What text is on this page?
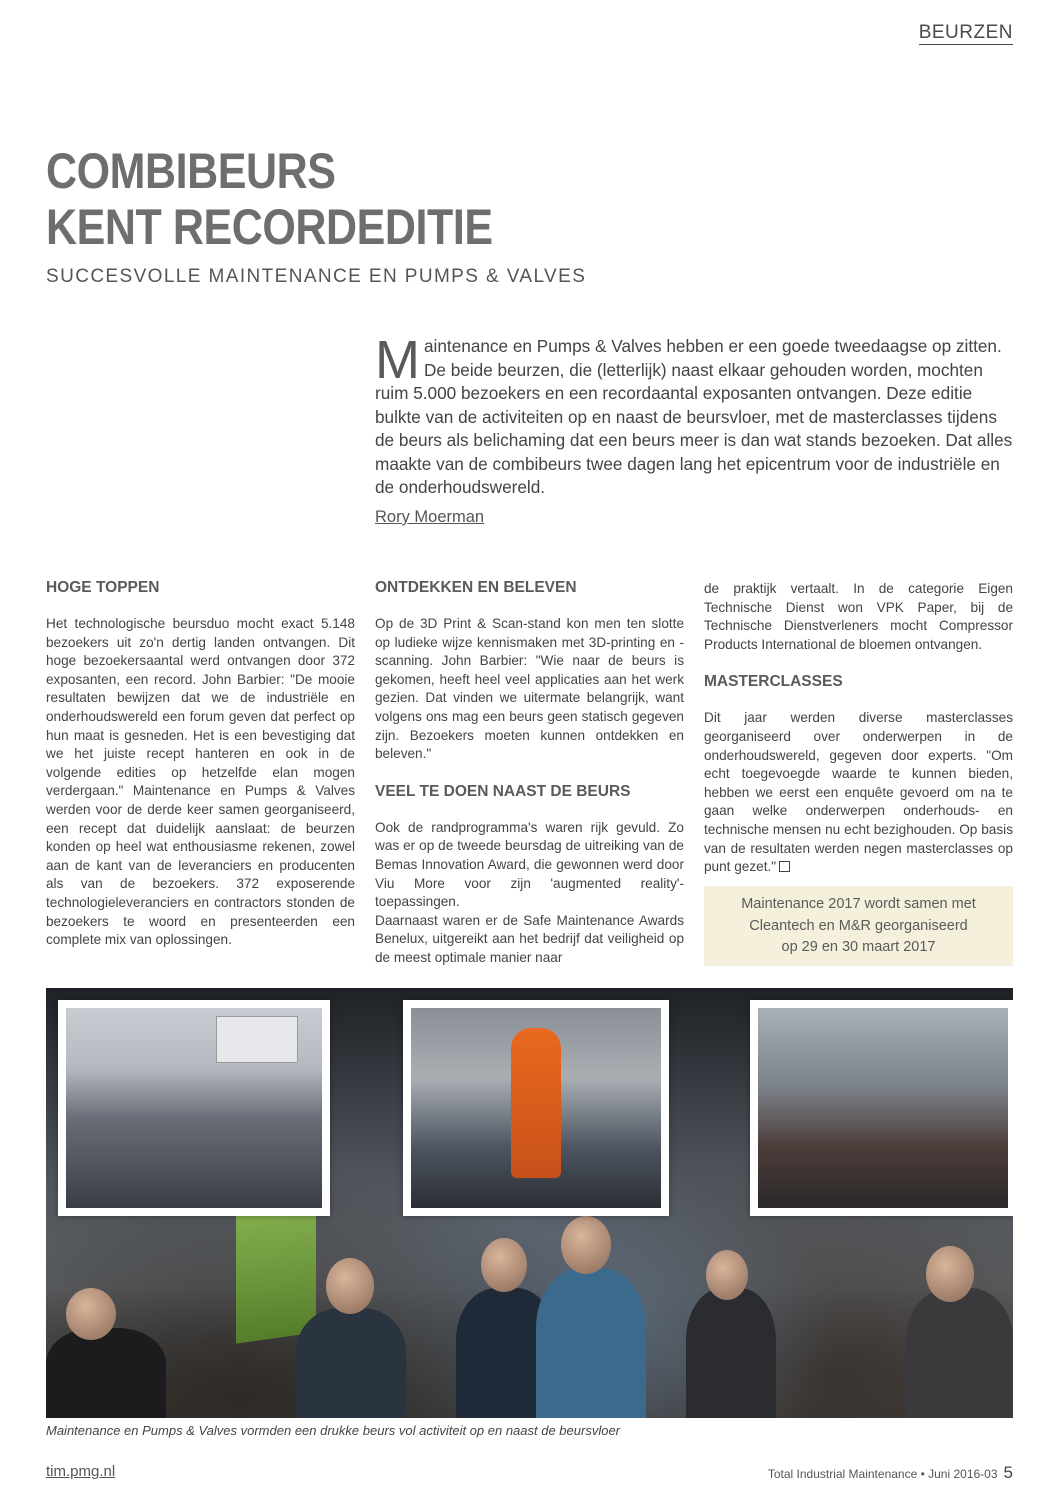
BEURZEN
COMBIBEURS
KENT RECORDEDITIE
SUCCESVOLLE MAINTENANCE EN PUMPS & VALVES
M aintenance en Pumps & Valves hebben er een goede tweedaagse op zitten. De beide beurzen, die (letterlijk) naast elkaar gehouden worden, mochten ruim 5.000 bezoekers en een recordaantal exposanten ontvangen. Deze editie bulkte van de activiteiten op en naast de beursvloer, met de masterclasses tijdens de beurs als belichaming dat een beurs meer is dan wat stands bezoeken. Dat alles maakte van de combibeurs twee dagen lang het epicentrum voor de industriële en de onderhoudswereld.
Rory Moerman
HOGE TOPPEN

Het technologische beursduo mocht exact 5.148 bezoekers uit zo'n dertig landen ontvangen. Dit hoge bezoekersaantal werd ontvangen door 372 exposanten, een record. John Barbier: "De mooie resultaten bewijzen dat we de industriële en onderhoudswereld een forum geven dat perfect op hun maat is gesneden. Het is een bevestiging dat we het juiste recept hanteren en ook in de volgende edities op hetzelfde elan mogen verdergaan." Maintenance en Pumps & Valves werden voor de derde keer samen georganiseerd, een recept dat duidelijk aanslaat: de beurzen konden op heel wat enthousiasme rekenen, zowel aan de kant van de leveranciers en producenten als van de bezoekers. 372 exposerende technologieleveranciers en contractors stonden de bezoekers te woord en presenteerden een complete mix van oplossingen.

ONTDEKKEN EN BELEVEN

Op de 3D Print & Scan-stand kon men ten slotte op ludieke wijze kennismaken met 3D-printing en -scanning. John Barbier: "Wie naar de beurs is gekomen, heeft heel veel applicaties aan het werk gezien. Dat vinden we uitermate belangrijk, want volgens ons mag een beurs geen statisch gegeven zijn. Bezoekers moeten kunnen ontdekken en beleven."

VEEL TE DOEN NAAST DE BEURS

Ook de randprogramma's waren rijk gevuld. Zo was er op de tweede beursdag de uitreiking van de Bemas Innovation Award, die gewonnen werd door Viu More voor zijn 'augmented reality'-toepassingen.

Daarnaast waren er de Safe Maintenance Awards Benelux, uitgereikt aan het bedrijf dat veiligheid op de meest optimale manier naar

de praktijk vertaalt. In de categorie Eigen Technische Dienst won VPK Paper, bij de Technische Dienstverleners mocht Compressor Products International de bloemen ontvangen.

MASTERCLASSES

Dit jaar werden diverse masterclasses georganiseerd over onderwerpen in de onderhoudswereld, gegeven door experts. "Om echt toegevoegde waarde te kunnen bieden, hebben we eerst een enquête gevoerd om na te gaan welke onderwerpen onderhouds- en technische mensen nu echt bezighouden. Op basis van de resultaten werden negen masterclasses op punt gezet."

Maintenance 2017 wordt samen met
Cleantech en M&R georganiseerd
op 29 en 30 maart 2017
Maintenance en Pumps & Valves vormden een drukke beurs vol activiteit op en naast de beursvloer
tim.pmg.nl	Total Industrial Maintenance • Juni 2016-03 5
